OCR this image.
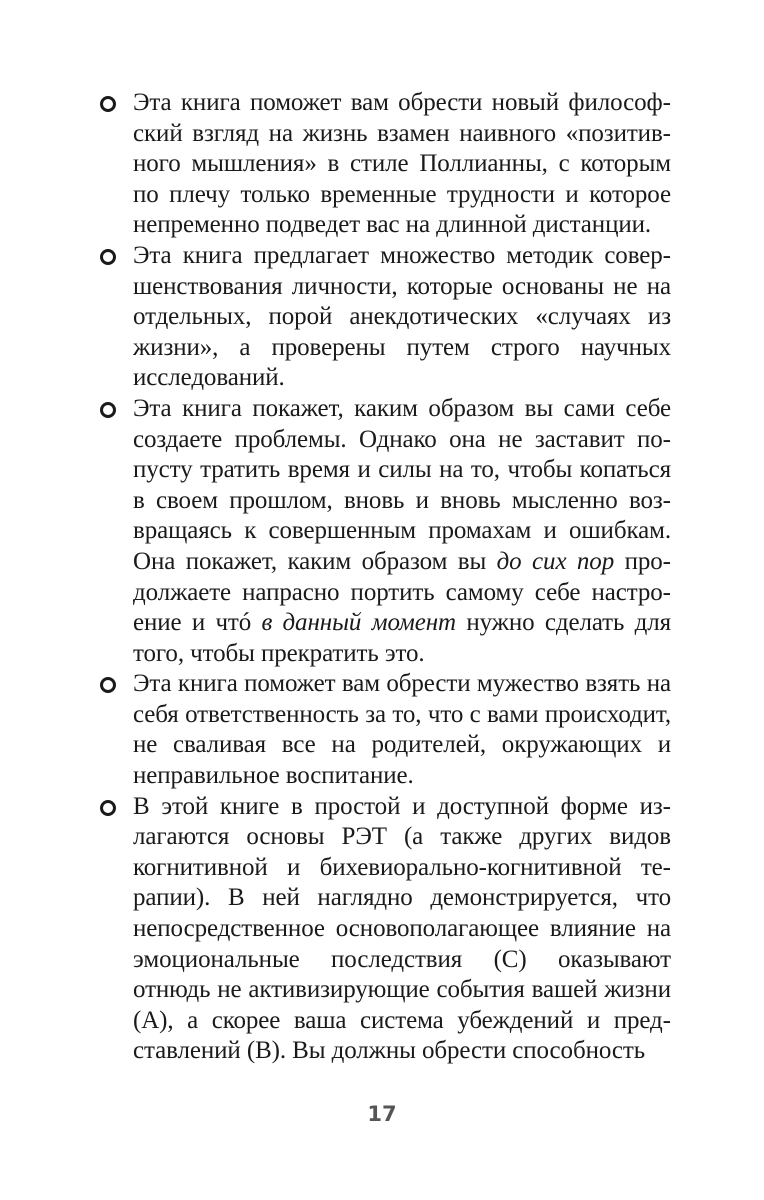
Эта книга поможет вам обрести новый философский взгляд на жизнь взамен наивного «позитивного мышления» в стиле Поллианны, с которым по плечу только временные трудности и которое непременно подведет вас на длинной дистанции.
Эта книга предлагает множество методик совершенствования личности, которые основаны не на отдельных, порой анекдотических «случаях из жизни», а проверены путем строго научных исследований.
Эта книга покажет, каким образом вы сами себе создаете проблемы. Однако она не заставит попусту тратить время и силы на то, чтобы копаться в своем прошлом, вновь и вновь мысленно возвращаясь к совершенным промахам и ошибкам. Она покажет, каким образом вы до сих пор продолжаете напрасно портить самому себе настроение и чтó в данный момент нужно сделать для того, чтобы прекратить это.
Эта книга поможет вам обрести мужество взять на себя ответственность за то, что с вами происходит, не сваливая все на родителей, окружающих и неправильное воспитание.
В этой книге в простой и доступной форме излагаются основы РЭТ (а также других видов когнитивной и бихевиорально-когнитивной терапии). В ней наглядно демонстрируется, что непосредственное основополагающее влияние на эмоциональные последствия (С) оказывают отнюдь не активизирующие события вашей жизни (А), а скорее ваша система убеждений и представлений (В). Вы должны обрести способность
17
